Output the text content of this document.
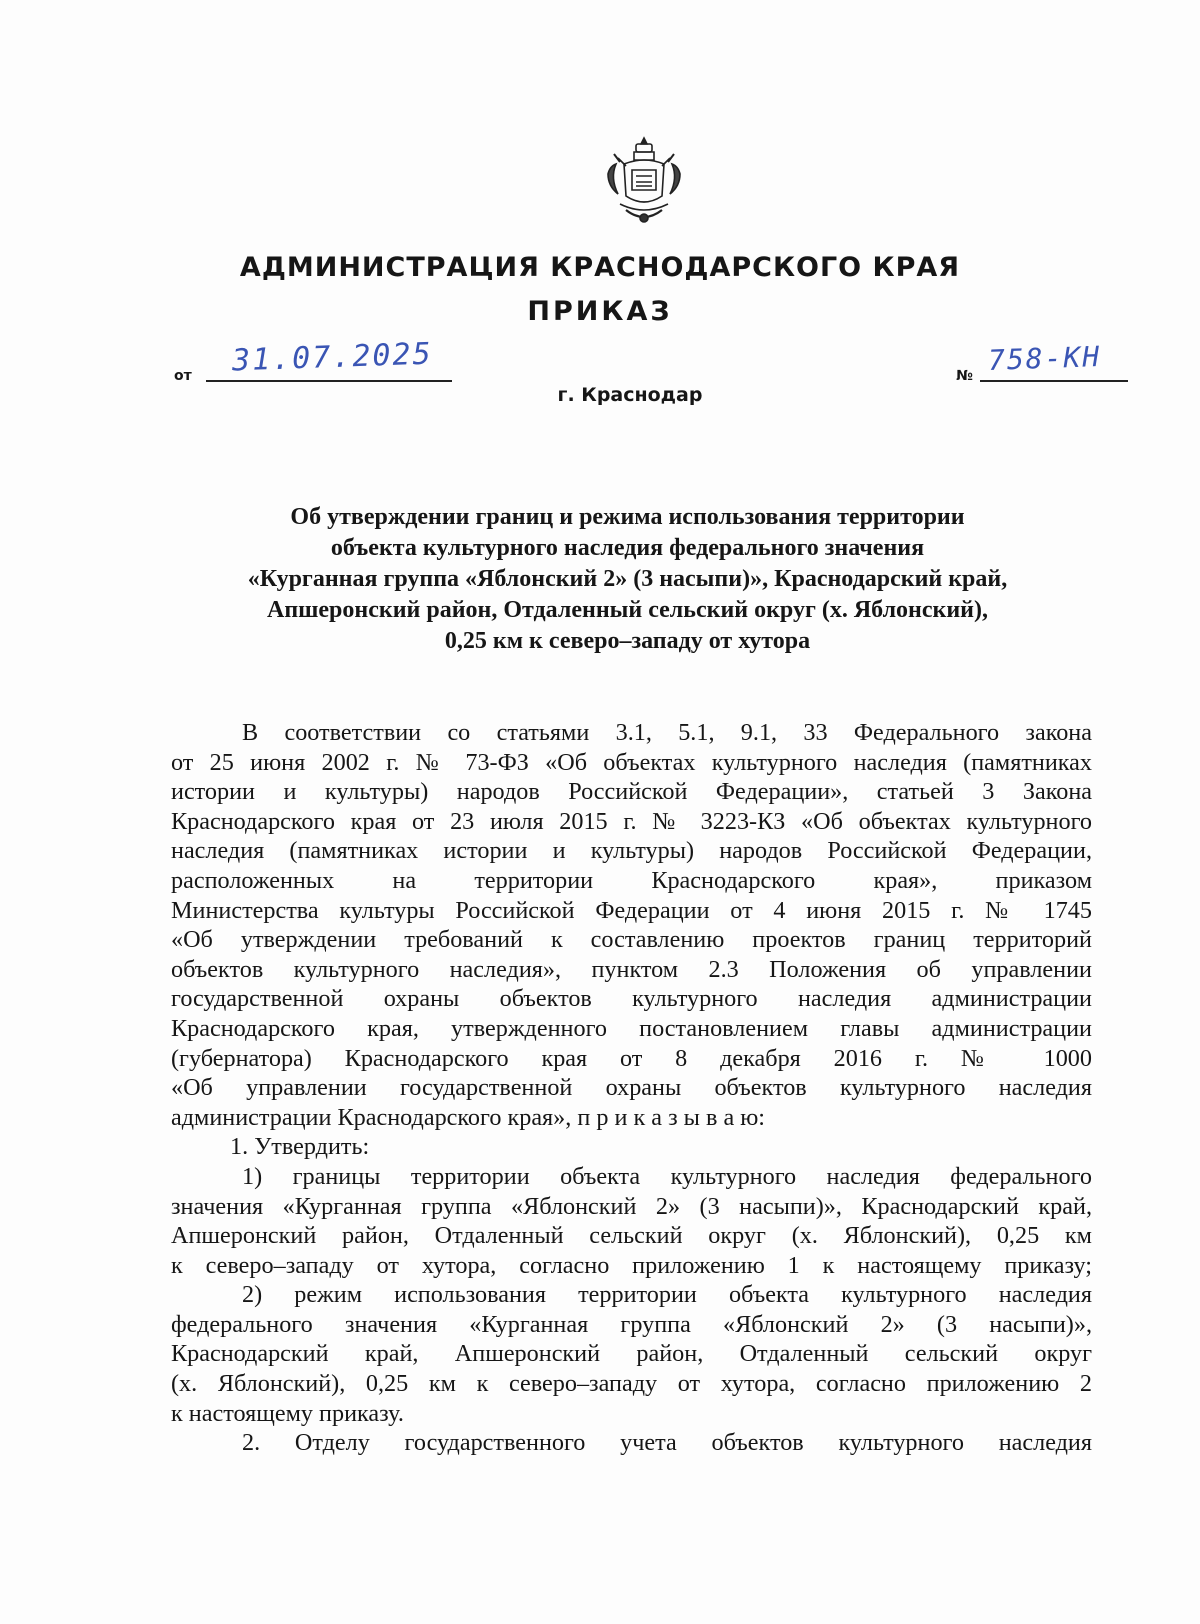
АДМИНИСТРАЦИЯ КРАСНОДАРСКОГО КРАЯ
ПРИКАЗ
от 31.07.2025	№ 758-КН
г. Краснодар
Об утверждении границ и режима использования территории
объекта культурного наследия федерального значения
«Курганная группа «Яблонский 2» (3 насыпи)», Краснодарский край,
Апшеронский район, Отдаленный сельский округ (х. Яблонский),
0,25 км к северо–западу от хутора
В соответствии со статьями 3.1, 5.1, 9.1, 33 Федерального закона
от 25 июня 2002 г. № 73-ФЗ «Об объектах культурного наследия (памятниках
истории и культуры) народов Российской Федерации», статьей 3 Закона
Краснодарского края от 23 июля 2015 г. № 3223-КЗ «Об объектах культурного
наследия (памятниках истории и культуры) народов Российской Федерации,
расположенных на территории Краснодарского края», приказом
Министерства культуры Российской Федерации от 4 июня 2015 г. № 1745
«Об утверждении требований к составлению проектов границ территорий
объектов культурного наследия», пунктом 2.3 Положения об управлении
государственной охраны объектов культурного наследия администрации
Краснодарского края, утвержденного постановлением главы администрации
(губернатора) Краснодарского края от 8 декабря 2016 г. № 1000
«Об управлении государственной охраны объектов культурного наследия
администрации Краснодарского края», п р и к а з ы в а ю:
1. Утвердить:
1) границы территории объекта культурного наследия федерального
значения «Курганная группа «Яблонский 2» (3 насыпи)», Краснодарский край,
Апшеронский район, Отдаленный сельский округ (х. Яблонский), 0,25 км
к северо–западу от хутора, согласно приложению 1 к настоящему приказу;
2) режим использования территории объекта культурного наследия
федерального значения «Курганная группа «Яблонский 2» (3 насыпи)»,
Краснодарский край, Апшеронский район, Отдаленный сельский округ
(х. Яблонский), 0,25 км к северо–западу от хутора, согласно приложению 2
к настоящему приказу.
2. Отделу государственного учета объектов культурного наследия
